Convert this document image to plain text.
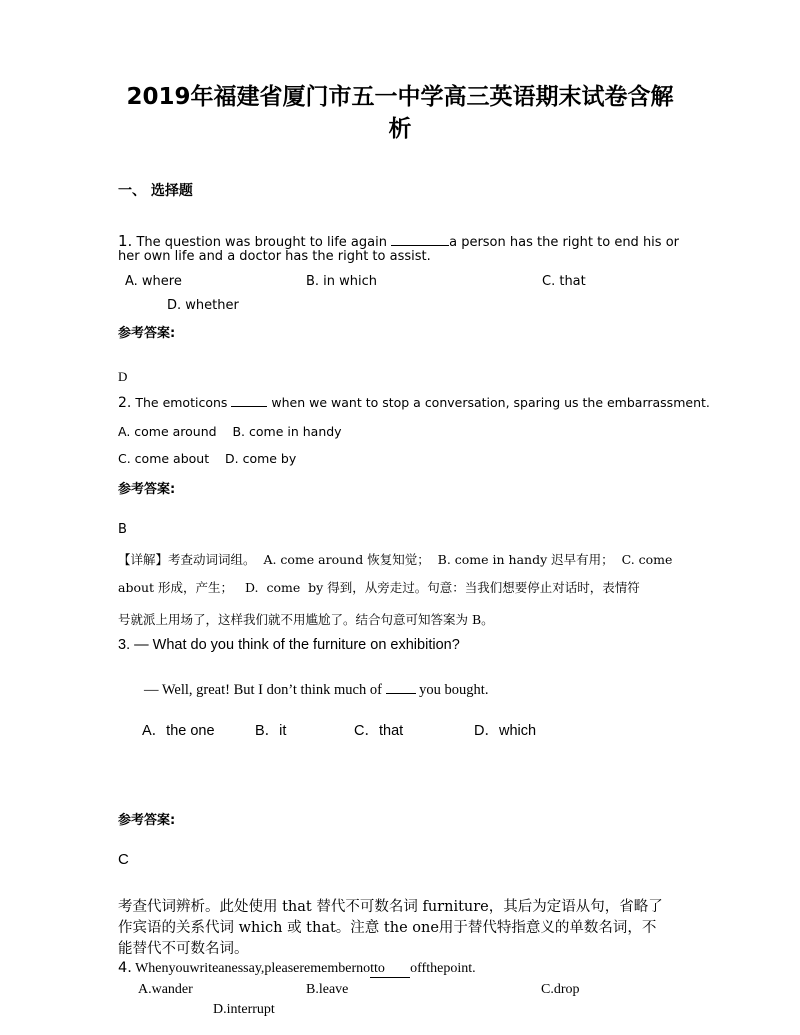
2019年福建省厦门市五一中学高三英语期末试卷含解
析
一、 选择题
1. The question was brought to life again	a person has the right to end his or
her own life and a doctor has the right to assist.
A. where	B. in which	C. that
D. whether
参考答案:
D
2. The emoticons	when we want to stop a conversation, sparing us the embarrassment.
A. come around    B. come in handy
C. come about    D. come by
参考答案:
B
【详解】考查动词词组。  A. come around 恢复知觉；  B. come in handy 迟早有用；  C. come
about 形成，产生；   D.  come  by 得到，从旁走过。句意：当我们想要停止对话时，表情符
号就派上用场了，这样我们就不用尴尬了。结合句意可知答案为 B。
3. — What do you think of the furniture on exhibition?
— Well, great! But I don’t think much of	you bought.
A．the one	B．it	C．that	D．which
参考答案:
C
考查代词辨析。此处使用 that 替代不可数名词 furniture，其后为定语从句，省略了
作宾语的关系代词 which 或 that。注意 the one用于替代特指意义的单数名词，不
能替代不可数名词。
4. Whenyouwriteanessay,pleaseremembernotto offthepoint.
A.wander	B.leave	C.drop
D.interrupt
